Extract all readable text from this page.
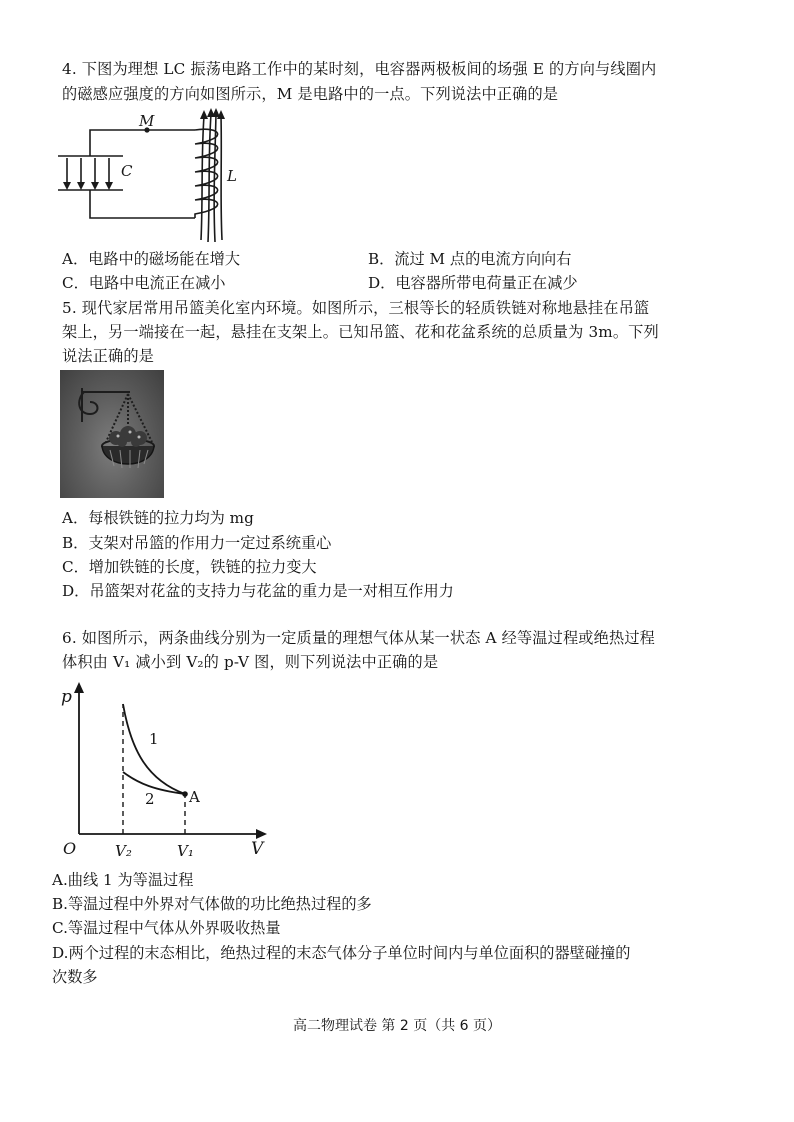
4. 下图为理想 LC 振荡电路工作中的某时刻，电容器两极板间的场强 E 的方向与线圈内
的磁感应强度的方向如图所示，M 是电路中的一点。下列说法中正确的是
M
C	L
A．电路中的磁场能在增大	B．流过 M 点的电流方向向右
C．电路中电流正在减小	D．电容器所带电荷量正在减少
5. 现代家居常用吊篮美化室内环境。如图所示，三根等长的轻质铁链对称地悬挂在吊篮
架上，另一端接在一起，悬挂在支架上。已知吊篮、花和花盆系统的总质量为 3m。下列
说法正确的是
A．每根铁链的拉力均为 mg
B．支架对吊篮的作用力一定过系统重心
C．增加铁链的长度，铁链的拉力变大
D．吊篮架对花盆的支持力与花盆的重力是一对相互作用力
6. 如图所示，两条曲线分别为一定质量的理想气体从某一状态 A 经等温过程或绝热过程
体积由 V₁ 减小到 V₂的 p-V 图，则下列说法中正确的是
p
O	V
V₂	V₁
1
2 A
A.曲线 1 为等温过程
B.等温过程中外界对气体做的功比绝热过程的多
C.等温过程中气体从外界吸收热量
D.两个过程的末态相比，绝热过程的末态气体分子单位时间内与单位面积的器壁碰撞的
次数多
高二物理试卷 第 2 页（共 6 页）
